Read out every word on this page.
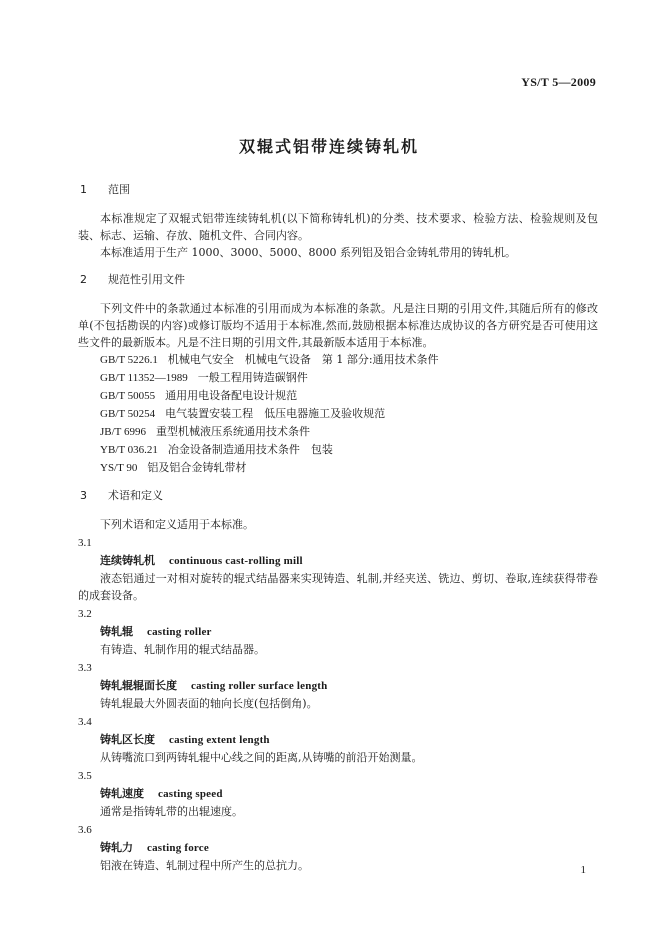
YS/T 5—2009
双辊式铝带连续铸轧机
1 范围

本标准规定了双辊式铝带连续铸轧机(以下简称铸轧机)的分类、技术要求、检验方法、检验规则及包装、标志、运输、存放、随机文件、合同内容。

本标准适用于生产 1000、3000、5000、8000 系列铝及铝合金铸轧带用的铸轧机。

2 规范性引用文件

下列文件中的条款通过本标准的引用而成为本标准的条款。凡是注日期的引用文件,其随后所有的修改单(不包括勘误的内容)或修订版均不适用于本标准,然而,鼓励根据本标准达成协议的各方研究是否可使用这些文件的最新版本。凡是不注日期的引用文件,其最新版本适用于本标准。

GB/T 5226.1 机械电气安全　机械电气设备　第 1 部分:通用技术条件
GB/T 11352—1989 一般工程用铸造碳钢件
GB/T 50055 通用用电设备配电设计规范
GB/T 50254 电气装置安装工程　低压电器施工及验收规范
JB/T 6996 重型机械液压系统通用技术条件
YB/T 036.21 冶金设备制造通用技术条件　包装
YS/T 90 铝及铝合金铸轧带材
3 术语和定义

下列术语和定义适用于本标准。

3.1
连续铸轧机 continuous cast-rolling mill

液态铝通过一对相对旋转的辊式结晶器来实现铸造、轧制,并经夹送、铣边、剪切、卷取,连续获得带卷的成套设备。

3.2
铸轧辊 casting roller

有铸造、轧制作用的辊式结晶器。

3.3
铸轧辊辊面长度 casting roller surface length

铸轧辊最大外圆表面的轴向长度(包括倒角)。

3.4
铸轧区长度 casting extent length

从铸嘴流口到两铸轧辊中心线之间的距离,从铸嘴的前沿开始测量。

3.5
铸轧速度 casting speed

通常是指铸轧带的出辊速度。

3.6
铸轧力 casting force

铝液在铸造、轧制过程中所产生的总抗力。	1
